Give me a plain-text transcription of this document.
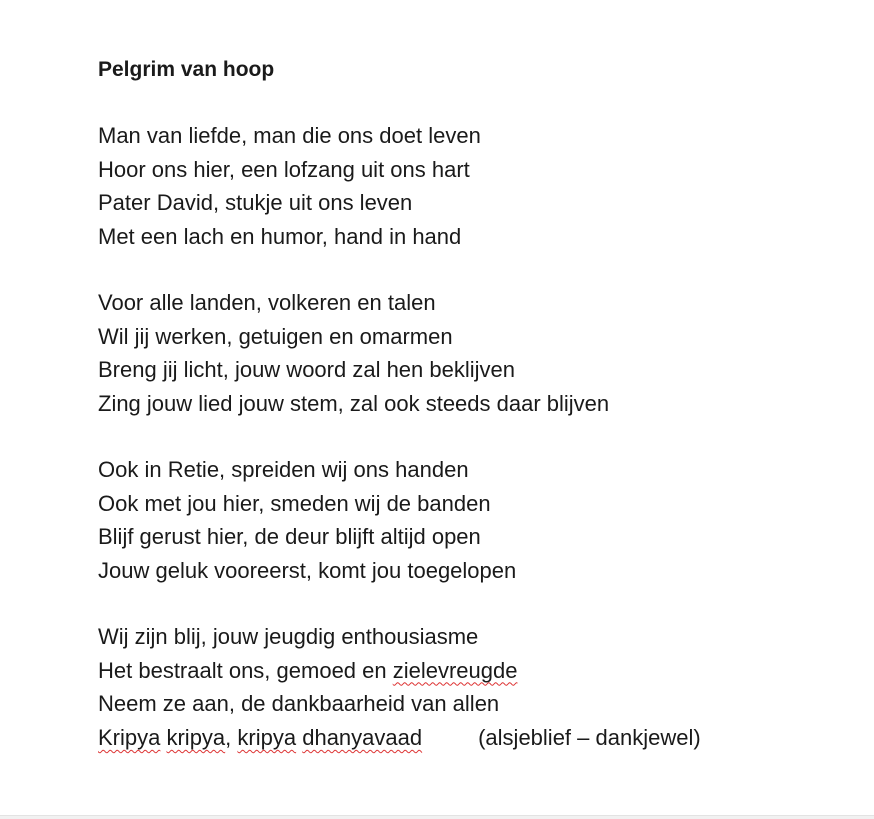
Pelgrim van hoop
Man van liefde, man die ons doet leven
Hoor ons hier, een lofzang uit ons hart
Pater David, stukje uit ons leven
Met een lach en humor, hand in hand
Voor alle landen, volkeren en talen
Wil jij werken, getuigen en omarmen
Breng jij licht, jouw woord zal hen beklijven
Zing jouw lied jouw stem, zal ook steeds daar blijven
Ook in Retie, spreiden wij ons handen
Ook met jou hier, smeden wij de banden
Blijf gerust hier, de deur blijft altijd open
Jouw geluk vooreerst, komt jou toegelopen
Wij zijn blij, jouw jeugdig enthousiasme
Het bestraalt ons, gemoed en zielevreugde
Neem ze aan, de dankbaarheid van allen
Kripya kripya, kripya dhanyavaad	(alsjeblief – dankjewel)
